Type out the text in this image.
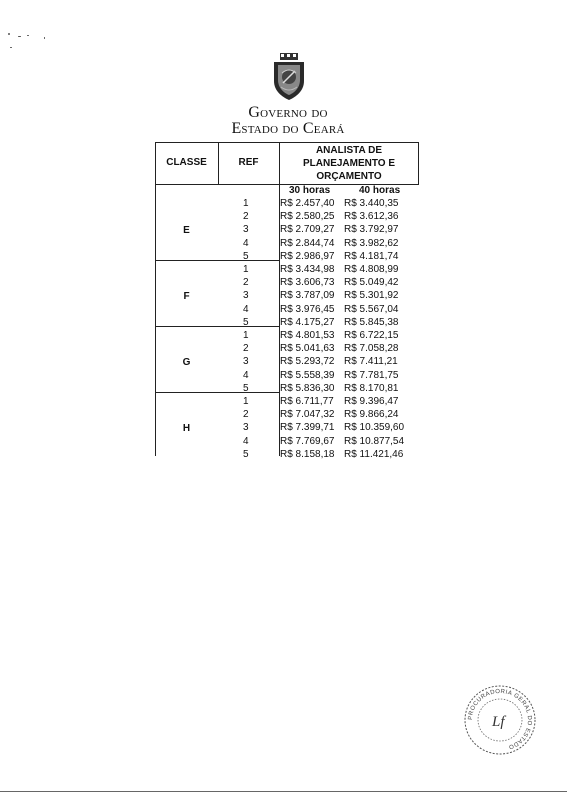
Governo do
Estado do Ceará
CLASSE	REF
ANALISTA DE
PLANEJAMENTO E
ORÇAMENTO
30 horas	40 horas
E
1	R$ 2.457,40 R$ 3.440,35
2	R$ 2.580,25 R$ 3.612,36
3	R$ 2.709,27 R$ 3.792,97
4	R$ 2.844,74 R$ 3.982,62
5	R$ 2.986,97 R$ 4.181,74
F
1	R$ 3.434,98 R$ 4.808,99
2	R$ 3.606,73 R$ 5.049,42
3	R$ 3.787,09 R$ 5.301,92
4	R$ 3.976,45 R$ 5.567,04
5	R$ 4.175,27 R$ 5.845,38
G
1	R$ 4.801,53 R$ 6.722,15
2	R$ 5.041,63 R$ 7.058,28
3	R$ 5.293,72 R$ 7.411,21
4	R$ 5.558,39 R$ 7.781,75
5	R$ 5.836,30 R$ 8.170,81
H
1	R$ 6.711,77 R$ 9.396,47
2	R$ 7.047,32 R$ 9.866,24
3	R$ 7.399,71 R$ 10.359,60
4	R$ 7.769,67 R$ 10.877,54
5	R$ 8.158,18 R$ 11.421,46
PROCURADORIA GERAL DO ESTADO
Lf
